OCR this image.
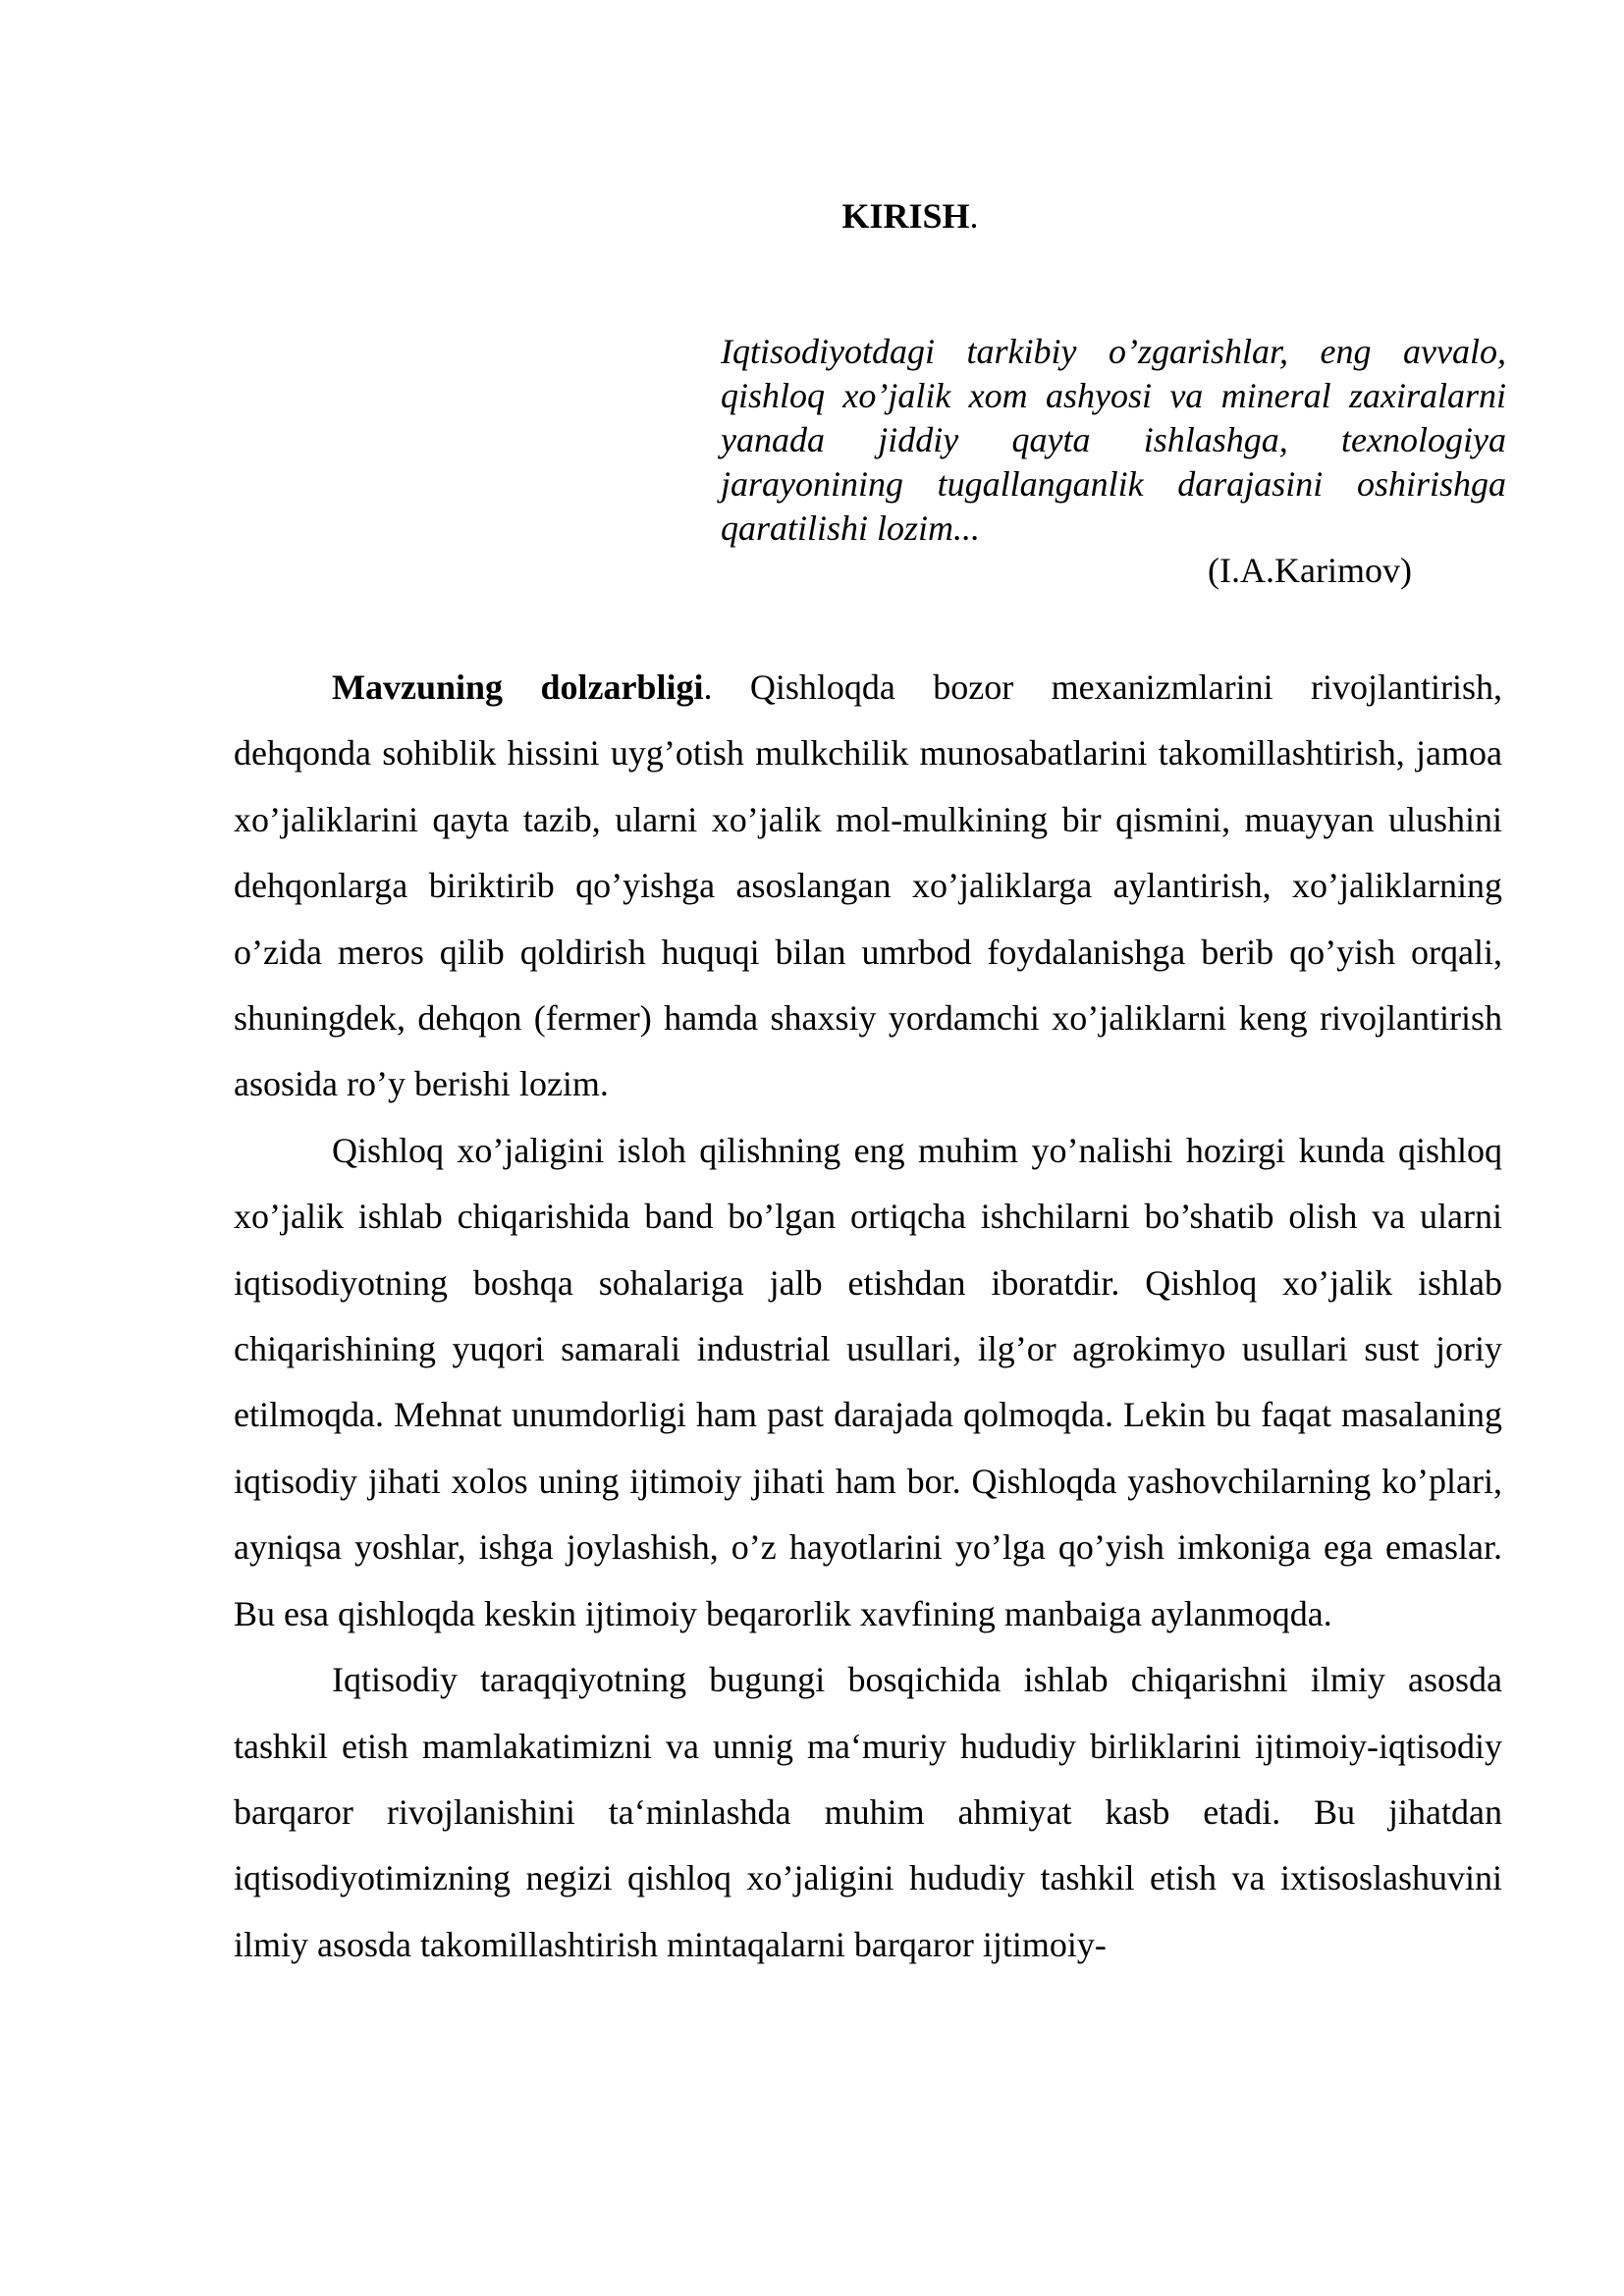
KIRISH.
Iqtisodiyotdagi tarkibiy o’zgarishlar, eng avvalo, qishloq xo’jalik xom ashyosi va mineral zaxiralarni yanada jiddiy qayta ishlashga, texnologiya jarayonining tugallanganlik darajasini oshirishga qaratilishi lozim...
(I.A.Karimov)

Mavzuning dolzarbligi. Qishloqda bozor mexanizmlarini rivojlantirish, dehqonda sohiblik hissini uyg’otish mulkchilik munosabatlarini takomillashtirish, jamoa xo’jaliklarini qayta tazib, ularni xo’jalik mol-mulkining bir qismini, muayyan ulushini dehqonlarga biriktirib qo’yishga asoslangan xo’jaliklarga aylantirish, xo’jaliklarning o’zida meros qilib qoldirish huquqi bilan umrbod foydalanishga berib qo’yish orqali, shuningdek, dehqon (fermer) hamda shaxsiy yordamchi xo’jaliklarni keng rivojlantirish asosida ro’y berishi lozim.

Qishloq xo’jaligini isloh qilishning eng muhim yo’nalishi hozirgi kunda qishloq xo’jalik ishlab chiqarishida band bo’lgan ortiqcha ishchilarni bo’shatib olish va ularni iqtisodiyotning boshqa sohalariga jalb etishdan iboratdir. Qishloq xo’jalik ishlab chiqarishining yuqori samarali industrial usullari, ilg’or agrokimyo usullari sust joriy etilmoqda. Mehnat unumdorligi ham past darajada qolmoqda. Lekin bu faqat masalaning iqtisodiy jihati xolos uning ijtimoiy jihati ham bor. Qishloqda yashovchilarning ko’plari, ayniqsa yoshlar, ishga joylashish, o’z hayotlarini yo’lga qo’yish imkoniga ega emaslar. Bu esa qishloqda keskin ijtimoiy beqarorlik xavfining manbaiga aylanmoqda.

Iqtisodiy taraqqiyotning bugungi bosqichida ishlab chiqarishni ilmiy asosda tashkil etish mamlakatimizni va unnig ma‘muriy hududiy birliklarini ijtimoiy-iqtisodiy barqaror rivojlanishini ta‘minlashda muhim ahmiyat kasb etadi. Bu jihatdan iqtisodiyotimizning negizi qishloq xo’jaligini hududiy tashkil etish va ixtisoslashuvini ilmiy asosda takomillashtirish mintaqalarni barqaror ijtimoiy-
